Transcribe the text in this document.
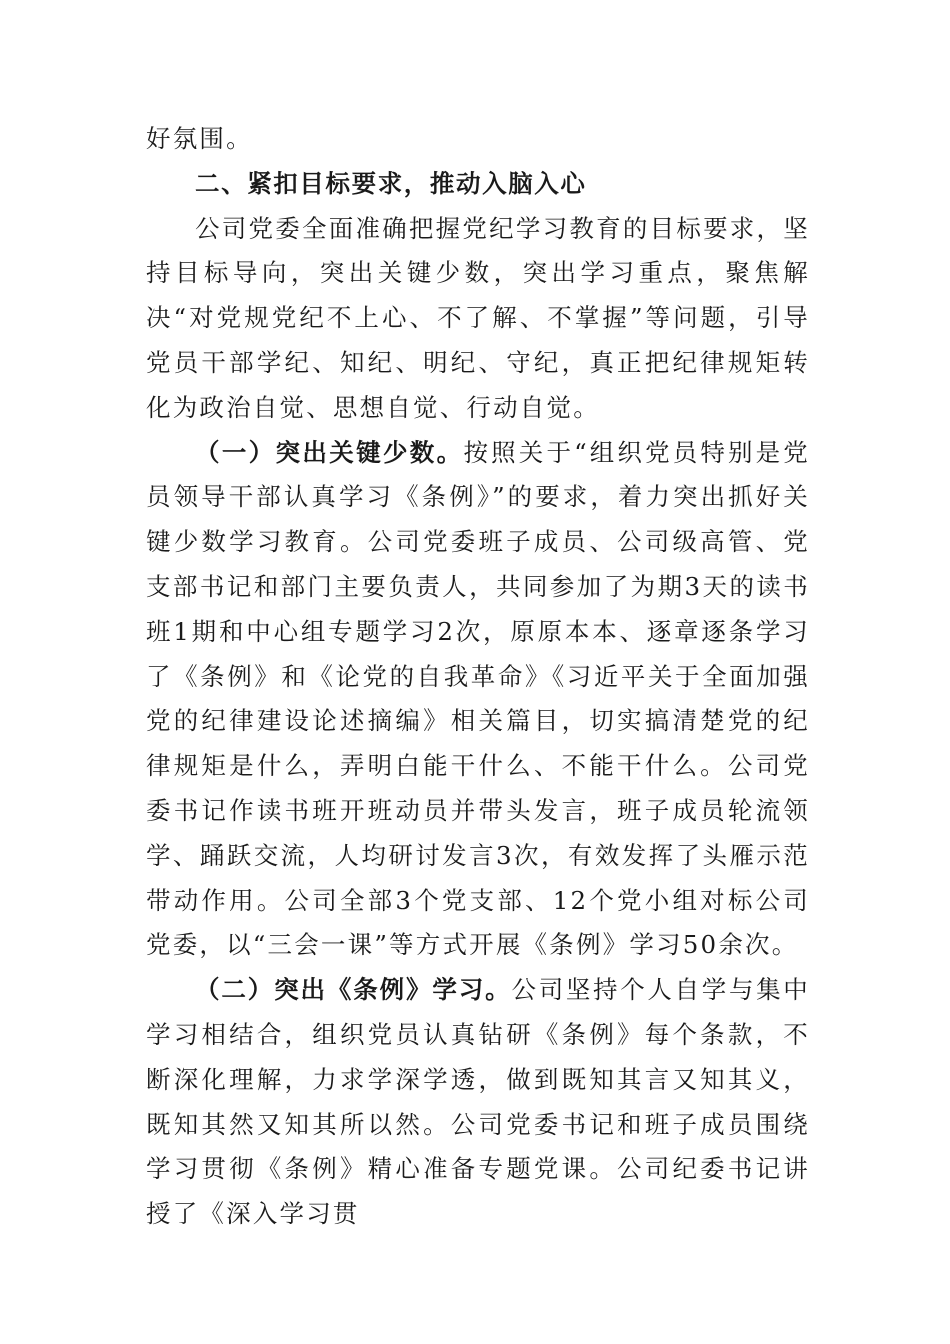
好氛围。

二、紧扣目标要求，推动入脑入心

公司党委全面准确把握党纪学习教育的目标要求，坚持目标导向，突出关键少数，突出学习重点，聚焦解决“对党规党纪不上心、不了解、不掌握”等问题，引导党员干部学纪、知纪、明纪、守纪，真正把纪律规矩转化为政治自觉、思想自觉、行动自觉。

（一）突出关键少数。按照关于“组织党员特别是党员领导干部认真学习《条例》”的要求，着力突出抓好关键少数学习教育。公司党委班子成员、公司级高管、党支部书记和部门主要负责人，共同参加了为期3天的读书班1期和中心组专题学习2次，原原本本、逐章逐条学习了《条例》和《论党的自我革命》《习近平关于全面加强党的纪律建设论述摘编》相关篇目，切实搞清楚党的纪律规矩是什么，弄明白能干什么、不能干什么。公司党委书记作读书班开班动员并带头发言，班子成员轮流领学、踊跃交流，人均研讨发言3次，有效发挥了头雁示范带动作用。公司全部3个党支部、12个党小组对标公司党委，以“三会一课”等方式开展《条例》学习50余次。

（二）突出《条例》学习。公司坚持个人自学与集中学习相结合，组织党员认真钻研《条例》每个条款，不断深化理解，力求学深学透，做到既知其言又知其义，既知其然又知其所以然。公司党委书记和班子成员围绕学习贯彻《条例》精心准备专题党课。公司纪委书记讲授了《深入学习贯
